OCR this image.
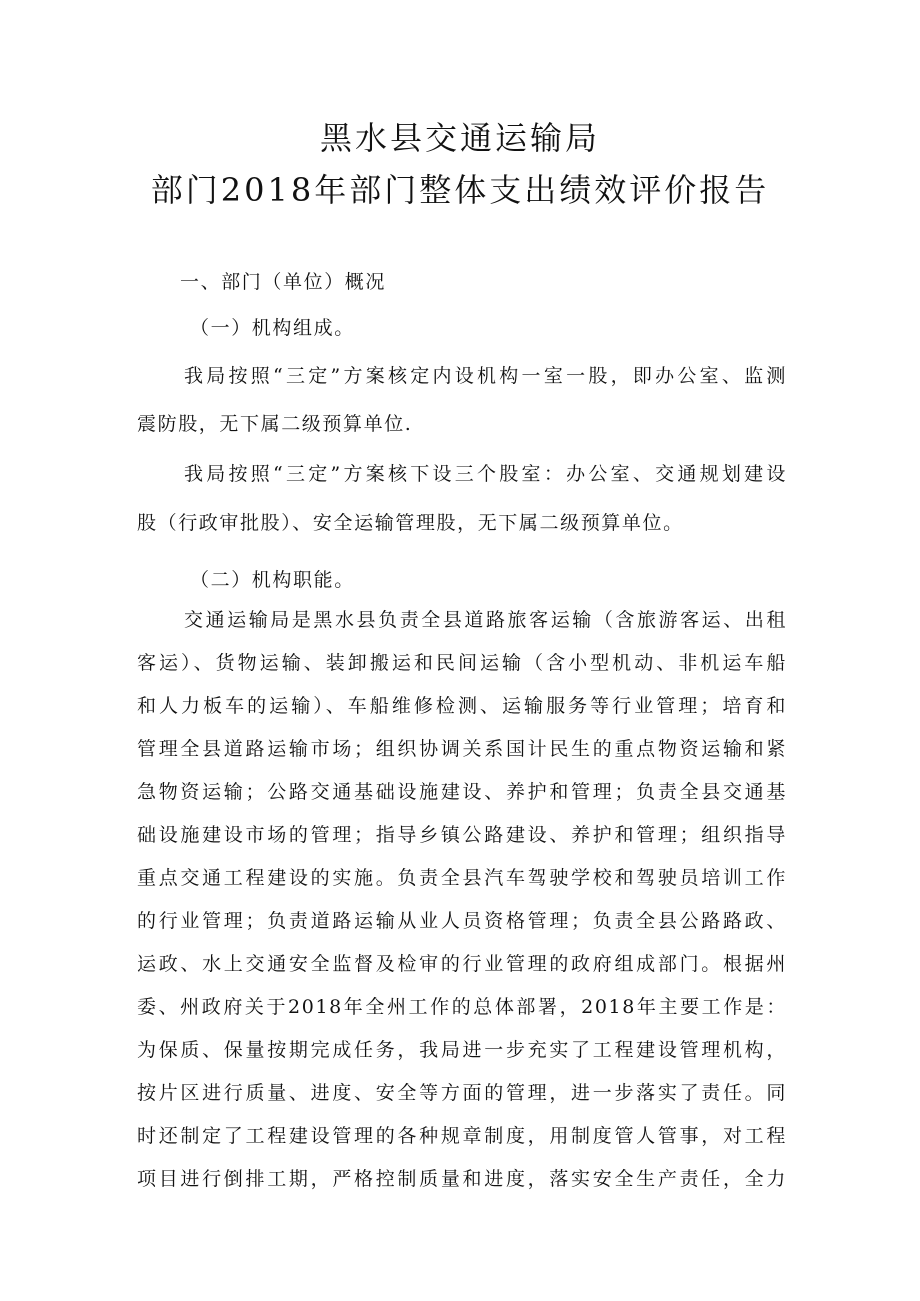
黑水县交通运输局
部门2018年部门整体支出绩效评价报告
一、部门（单位）概况
（一）机构组成。
我局按照“三定”方案核定内设机构一室一股，即办公室、监测
震防股，无下属二级预算单位.
我局按照“三定”方案核下设三个股室：办公室、交通规划建设
股（行政审批股）、安全运输管理股，无下属二级预算单位。
（二）机构职能。
交通运输局是黑水县负责全县道路旅客运输（含旅游客运、出租
客运）、货物运输、装卸搬运和民间运输（含小型机动、非机运车船
和人力板车的运输）、车船维修检测、运输服务等行业管理；培育和
管理全县道路运输市场；组织协调关系国计民生的重点物资运输和紧
急物资运输；公路交通基础设施建设、养护和管理；负责全县交通基
础设施建设市场的管理；指导乡镇公路建设、养护和管理；组织指导
重点交通工程建设的实施。负责全县汽车驾驶学校和驾驶员培训工作
的行业管理；负责道路运输从业人员资格管理；负责全县公路路政、
运政、水上交通安全监督及检审的行业管理的政府组成部门。根据州
委、州政府关于2018年全州工作的总体部署，2018年主要工作是：
为保质、保量按期完成任务，我局进一步充实了工程建设管理机构，
按片区进行质量、进度、安全等方面的管理，进一步落实了责任。同
时还制定了工程建设管理的各种规章制度，用制度管人管事，对工程
项目进行倒排工期，严格控制质量和进度，落实安全生产责任，全力
